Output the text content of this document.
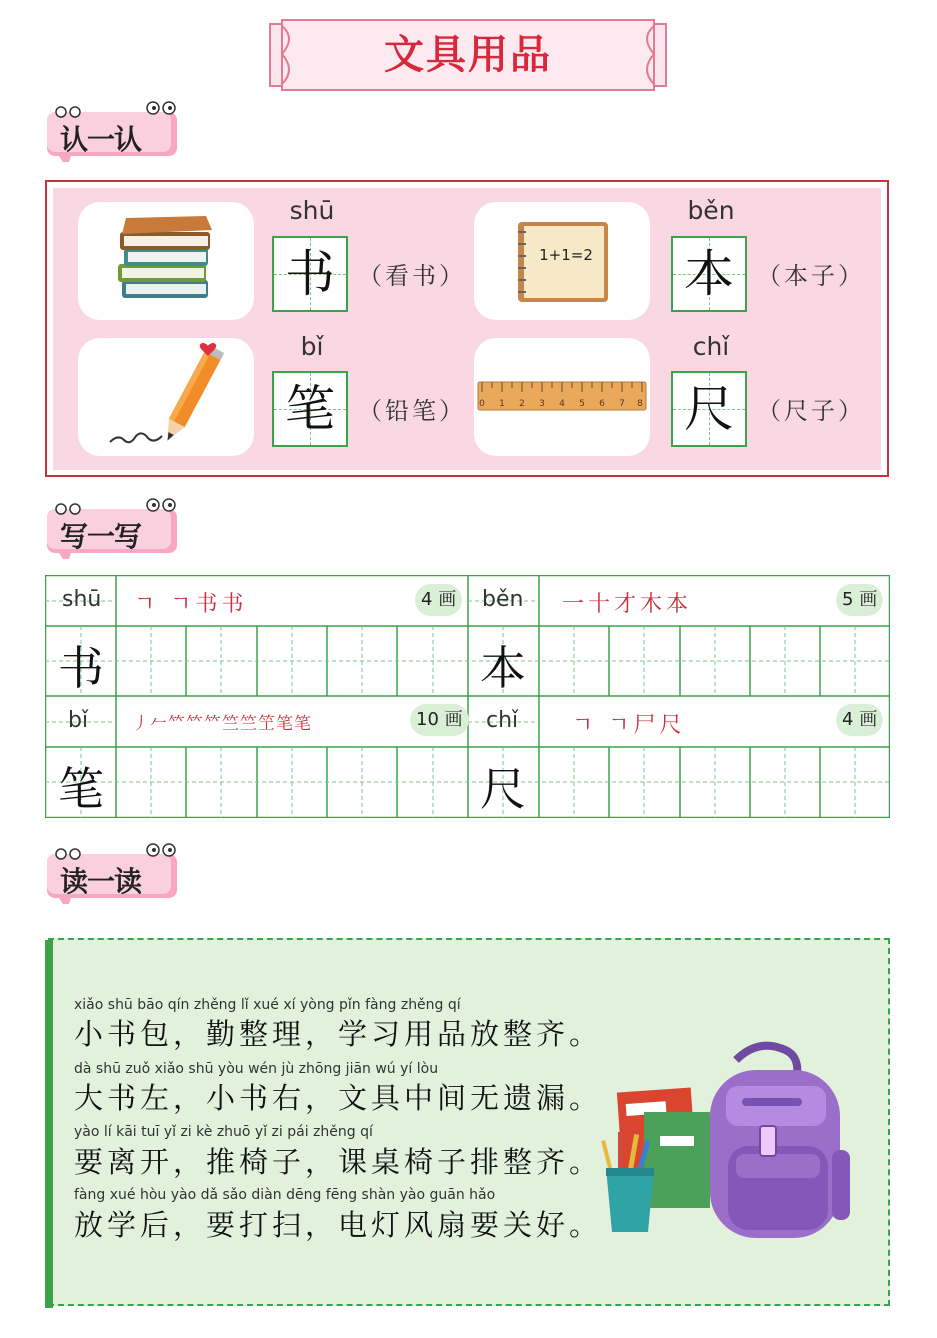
文具用品
认一认
shū
书 （看书）
1+1=2
běn
本 （本子）
bǐ
笔 （铅笔） 0 1 2 3 4 5 6 7 8
chǐ
尺 （尺子）
写一写
shū ㄱ ㄱ书书	4 画 běn 一十才木本	5 画
书	本
bǐ	丿𠂉𥫗𥫗𥫗竺竺笁笔笔	10 画 chǐ ㄱ ㄱ尸尺	4 画
笔	尺
读一读
xiǎo shū bāo qín zhěng lǐ xué xí yòng pǐn fàng zhěng qí
小书包，勤整理，学习用品放整齐。
dà shū zuǒ xiǎo shū yòu wén jù zhōng jiān wú yí lòu
大书左，小书右，文具中间无遗漏。
yào lí kāi tuī yǐ zi kè zhuō yǐ zi pái zhěng qí
要离开，推椅子，课桌椅子排整齐。
fàng xué hòu yào dǎ sǎo diàn dēng fēng shàn yào guān hǎo
放学后，要打扫，电灯风扇要关好。
